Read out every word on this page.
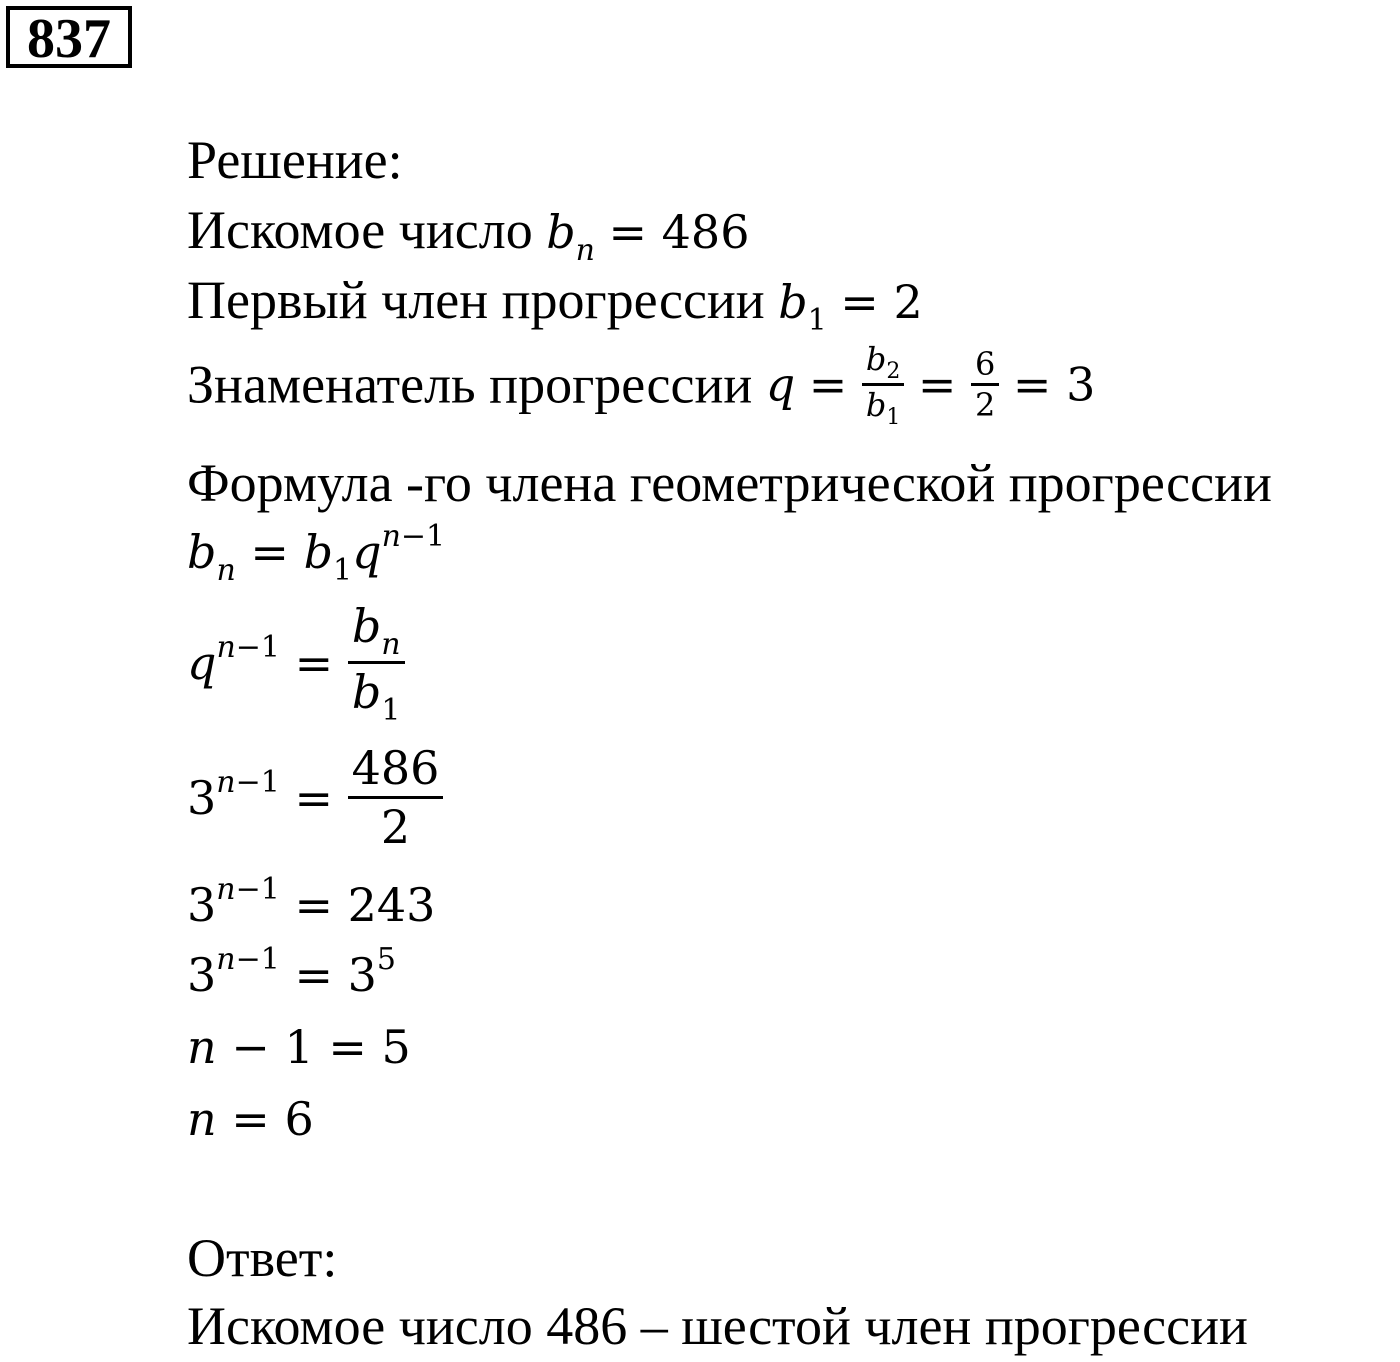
837
Решение:
Искомое число $b_n = 486$
Первый член прогрессии $b_1 = 2$
Знаменатель прогрессии $q = \frac{b_2}{b_1} = \frac{6}{2} = 3$
Формула -го члена геометрической прогрессии
$b_n = b_1q^{n-1}$
$q^{n-1} = \frac{b_n}{b_1}$
$3^{n-1} = \frac{486}{2}$
$3^{n-1} = 243$
$3^{n-1} = 3^5$
n − 1 = 5
n = 6
Ответ:
Искомое число 486 – шестой член прогрессии
